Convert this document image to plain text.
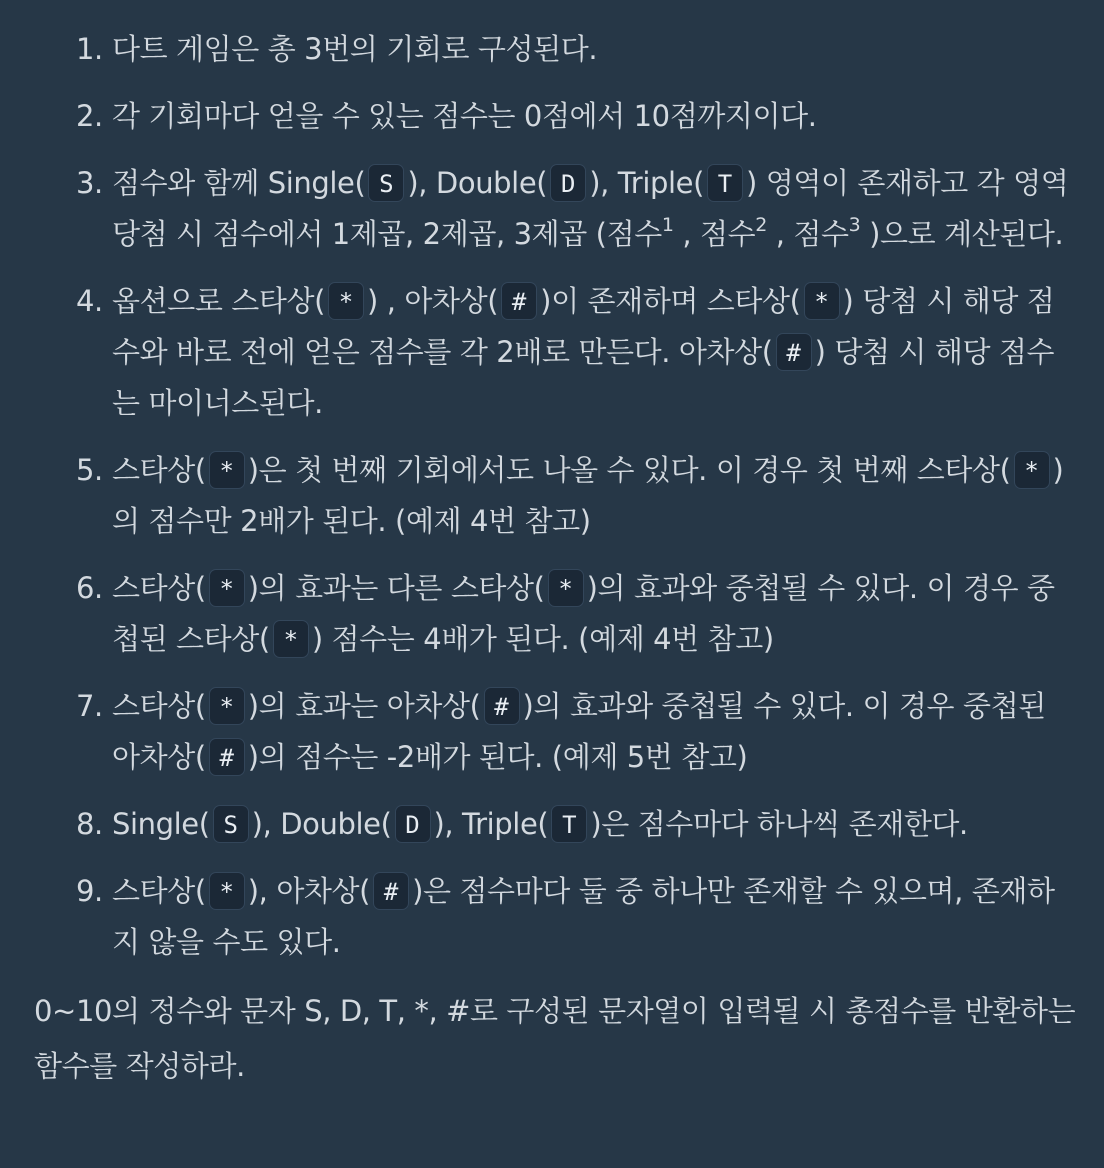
1. 다트 게임은 총 3번의 기회로 구성된다.
2. 각 기회마다 얻을 수 있는 점수는 0점에서 10점까지이다.
3. 점수와 함께 Single( S ), Double( D ), Triple( T ) 영역이 존재하고 각 영역 당첨 시 점수에서 1제곱, 2제곱, 3제곱 (점수$^1$ , 점수$^2$ , 점수$^3$ )으로 계산된다.
4. 옵션으로 스타상( * ) , 아차상( # )이 존재하며 스타상( * ) 당첨 시 해당 점수와 바로 전에 얻은 점수를 각 2배로 만든다. 아차상( # ) 당첨 시 해당 점수는 마이너스된다.
5. 스타상( * )은 첫 번째 기회에서도 나올 수 있다. 이 경우 첫 번째 스타상( * )의 점수만 2배가 된다. (예제 4번 참고)
6. 스타상( * )의 효과는 다른 스타상( * )의 효과와 중첩될 수 있다. 이 경우 중첩된 스타상( * ) 점수는 4배가 된다. (예제 4번 참고)
7. 스타상( * )의 효과는 아차상( # )의 효과와 중첩될 수 있다. 이 경우 중첩된 아차상( # )의 점수는 -2배가 된다. (예제 5번 참고)
8. Single( S ), Double( D ), Triple( T )은 점수마다 하나씩 존재한다.
9. 스타상( * ), 아차상( # )은 점수마다 둘 중 하나만 존재할 수 있으며, 존재하지 않을 수도 있다.

0~10의 정수와 문자 S, D, T, *, #로 구성된 문자열이 입력될 시 총점수를 반환하는 함수를 작성하라.
